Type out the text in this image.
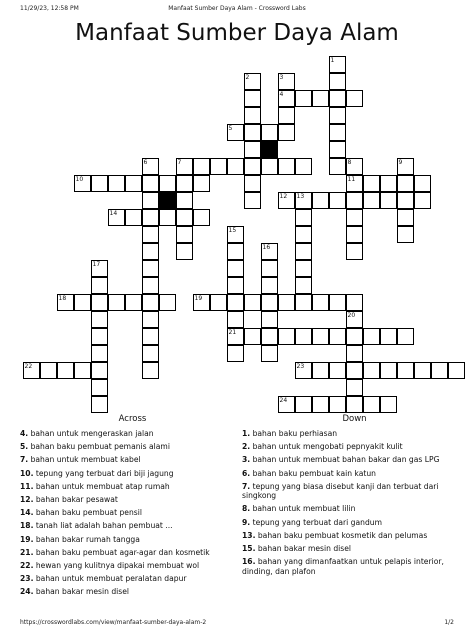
11/29/23, 12:58 PM	Manfaat Sumber Daya Alam - Crossword Labs
Manfaat Sumber Daya Alam
5
7
10	11
12 13
14
18	19
21
22	23
24
1
2	3
4
6	8	9
15
16
17
20
Across
4. bahan untuk mengeraskan jalan
5. bahan baku pembuat pemanis alami
7. bahan untuk membuat kabel
10. tepung yang terbuat dari biji jagung
11. bahan untuk membuat atap rumah
12. bahan bakar pesawat
14. bahan baku pembuat pensil
18. tanah liat adalah bahan pembuat ...
19. bahan bakar rumah tangga
21. bahan baku pembuat agar-agar dan kosmetik
22. hewan yang kulitnya dipakai membuat wol
23. bahan untuk membuat peralatan dapur
24. bahan bakar mesin disel
Down
1. bahan baku perhiasan
2. bahan untuk mengobati pepnyakit kulit
3. bahan untuk membuat bahan bakar dan gas LPG
6. bahan baku pembuat kain katun
7. tepung yang biasa disebut kanji dan terbuat dari singkong
8. bahan untuk membuat lilin
9. tepung yang terbuat dari gandum
13. bahan baku pembuat kosmetik dan pelumas
15. bahan bakar mesin disel
16. bahan yang dimanfaatkan untuk pelapis interior, dinding, dan plafon
https://crosswordlabs.com/view/manfaat-sumber-daya-alam-2	1/2
